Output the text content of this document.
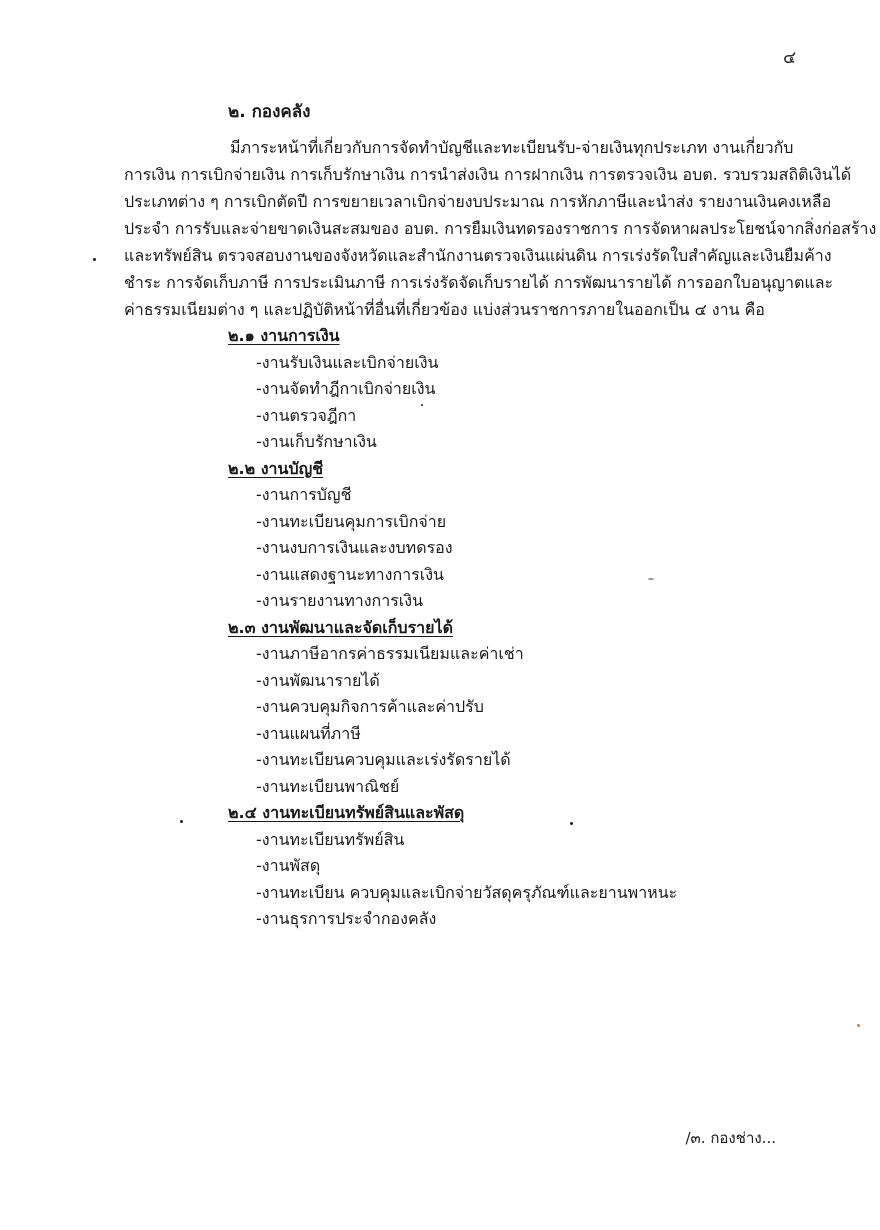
๔
๒. กองคลัง
มีภาระหน้าที่เกี่ยวกับการจัดทำบัญชีและทะเบียนรับ-จ่ายเงินทุกประเภท งานเกี่ยวกับ
การเงิน การเบิกจ่ายเงิน การเก็บรักษาเงิน การนำส่งเงิน การฝากเงิน การตรวจเงิน อบต. รวบรวมสถิติเงินได้
ประเภทต่าง ๆ การเบิกตัดปี การขยายเวลาเบิกจ่ายงบประมาณ การหักภาษีและนำส่ง รายงานเงินคงเหลือ
ประจำ การรับและจ่ายขาดเงินสะสมของ อบต. การยืมเงินทดรองราชการ การจัดหาผลประโยชน์จากสิ่งก่อสร้าง
และทรัพย์สิน ตรวจสอบงานของจังหวัดและสำนักงานตรวจเงินแผ่นดิน การเร่งรัดใบสำคัญและเงินยืมค้าง
ชำระ การจัดเก็บภาษี การประเมินภาษี การเร่งรัดจัดเก็บรายได้ การพัฒนารายได้ การออกใบอนุญาตและ
ค่าธรรมเนียมต่าง ๆ และปฏิบัติหน้าที่อื่นที่เกี่ยวข้อง แบ่งส่วนราชการภายในออกเป็น ๔ งาน คือ
๒.๑ งานการเงิน
-งานรับเงินและเบิกจ่ายเงิน
-งานจัดทำฎีกาเบิกจ่ายเงิน
-งานตรวจฎีกา
-งานเก็บรักษาเงิน
๒.๒ งานบัญชี
-งานการบัญชี
-งานทะเบียนคุมการเบิกจ่าย
-งานงบการเงินและงบทดรอง
-งานแสดงฐานะทางการเงิน
-งานรายงานทางการเงิน
๒.๓ งานพัฒนาและจัดเก็บรายได้
-งานภาษีอากรค่าธรรมเนียมและค่าเช่า
-งานพัฒนารายได้
-งานควบคุมกิจการค้าและค่าปรับ
-งานแผนที่ภาษี
-งานทะเบียนควบคุมและเร่งรัดรายได้
-งานทะเบียนพาณิชย์
๒.๔ งานทะเบียนทรัพย์สินและพัสดุ
-งานทะเบียนทรัพย์สิน
-งานพัสดุ
-งานทะเบียน ควบคุมและเบิกจ่ายวัสดุครุภัณฑ์และยานพาหนะ
-งานธุรการประจำกองคลัง
/๓. กองช่าง...
